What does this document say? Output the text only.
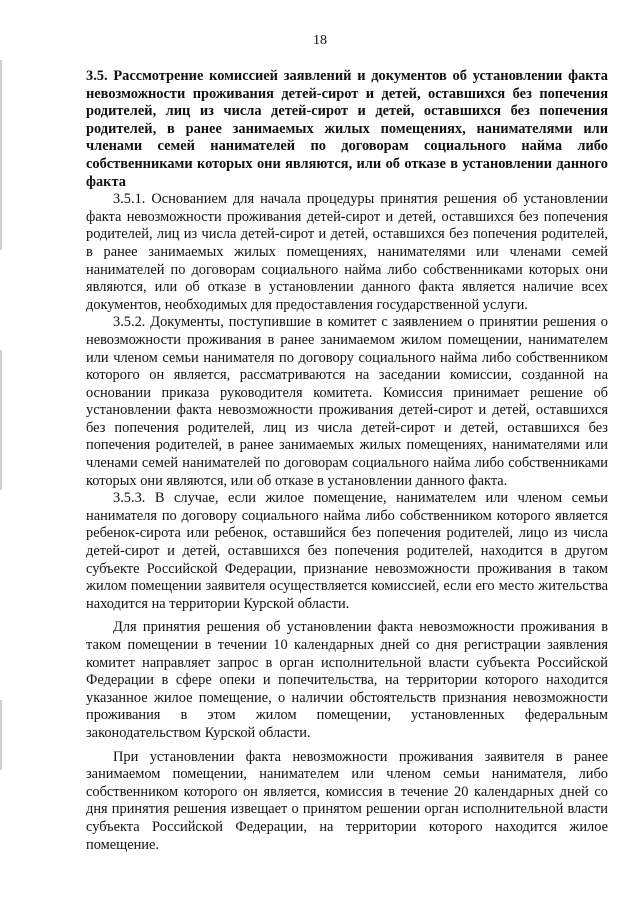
18

3.5. Рассмотрение комиссией заявлений и документов об установлении факта невозможности проживания детей-сирот и детей, оставшихся без попечения родителей, лиц из числа детей-сирот и детей, оставшихся без попечения родителей, в ранее занимаемых жилых помещениях, нанимателями или членами семей нанимателей по договорам социального найма либо собственниками которых они являются, или об отказе в установлении данного факта

3.5.1. Основанием для начала процедуры принятия решения об установлении факта невозможности проживания детей-сирот и детей, оставшихся без попечения родителей, лиц из числа детей-сирот и детей, оставшихся без попечения родителей, в ранее занимаемых жилых помещениях, нанимателями или членами семей нанимателей по договорам социального найма либо собственниками которых они являются, или об отказе в установлении данного факта является наличие всех документов, необходимых для предоставления государственной услуги.

3.5.2. Документы, поступившие в комитет с заявлением о принятии решения о невозможности проживания в ранее занимаемом жилом помещении, нанимателем или членом семьи нанимателя по договору социального найма либо собственником которого он является, рассматриваются на заседании комиссии, созданной на основании приказа руководителя комитета. Комиссия принимает решение об установлении факта невозможности проживания детей-сирот и детей, оставшихся без попечения родителей, лиц из числа детей-сирот и детей, оставшихся без попечения родителей, в ранее занимаемых жилых помещениях, нанимателями или членами семей нанимателей по договорам социального найма либо собственниками которых они являются, или об отказе в установлении данного факта.

3.5.3. В случае, если жилое помещение, нанимателем или членом семьи нанимателя по договору социального найма либо собственником которого является ребенок-сирота или ребенок, оставшийся без попечения родителей, лицо из числа детей-сирот и детей, оставшихся без попечения родителей, находится в другом субъекте Российской Федерации, признание невозможности проживания в таком жилом помещении заявителя осуществляется комиссией, если его место жительства находится на территории Курской области.

Для принятия решения об установлении факта невозможности проживания в таком помещении в течении 10 календарных дней со дня регистрации заявления комитет направляет запрос в орган исполнительной власти субъекта Российской Федерации в сфере опеки и попечительства, на территории которого находится указанное жилое помещение, о наличии обстоятельств признания невозможности проживания в этом жилом помещении, установленных федеральным законодательством Курской области.

При установлении факта невозможности проживания заявителя в ранее занимаемом помещении, нанимателем или членом семьи нанимателя, либо собственником которого он является, комиссия в течение 20 календарных дней со дня принятия решения извещает о принятом решении орган исполнительной власти субъекта Российской Федерации, на территории которого находится жилое помещение.
